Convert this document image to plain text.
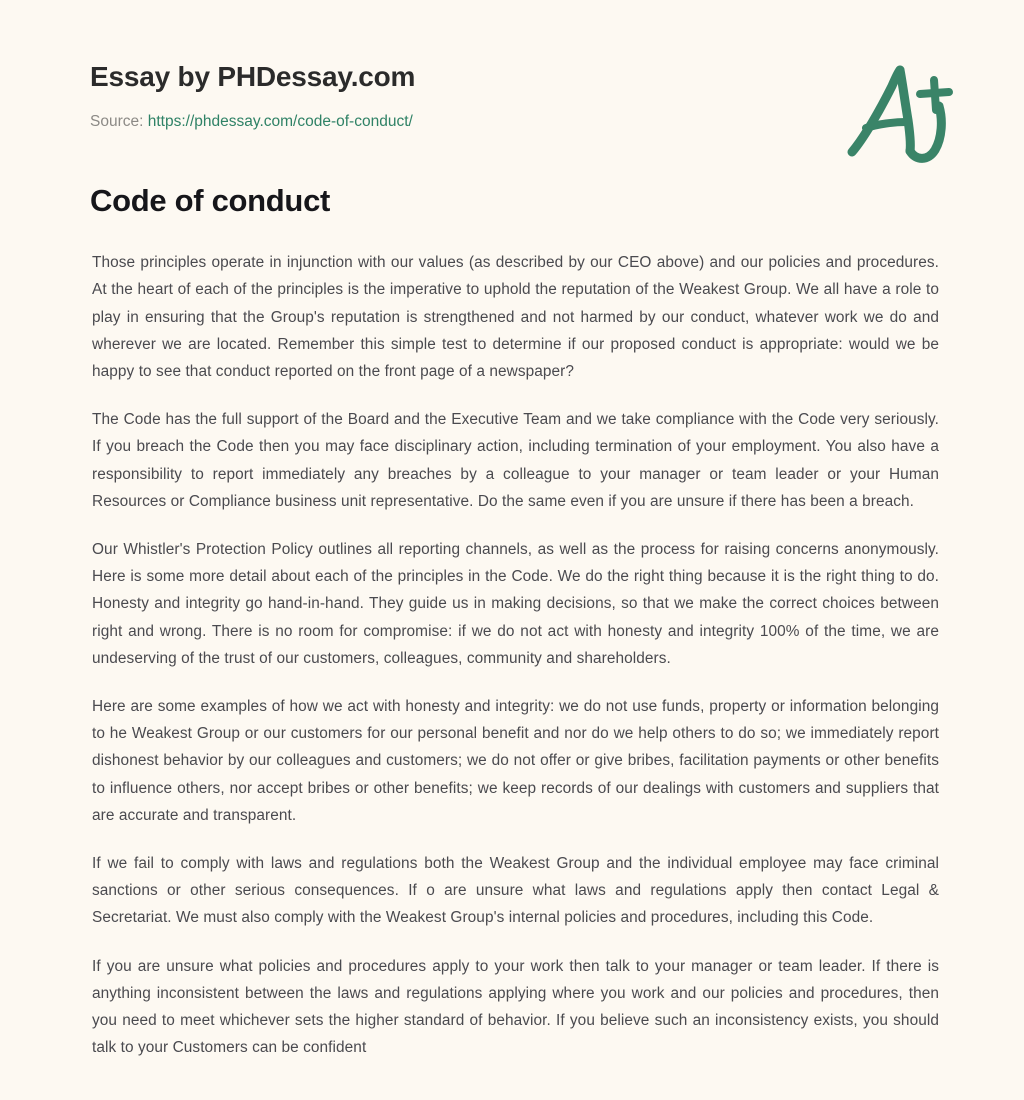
Essay by PHDessay.com
Source: https://phdessay.com/code-of-conduct/
Code of conduct

Those principles operate in injunction with our values (as described by our CEO above) and our policies and procedures. At the heart of each of the principles is the imperative to uphold the reputation of the Weakest Group. We all have a role to play in ensuring that the Group's reputation is strengthened and not harmed by our conduct, whatever work we do and wherever we are located. Remember this simple test to determine if our proposed conduct is appropriate: would we be happy to see that conduct reported on the front page of a newspaper?

The Code has the full support of the Board and the Executive Team and we take compliance with the Code very seriously. If you breach the Code then you may face disciplinary action, including termination of your employment. You also have a responsibility to report immediately any breaches by a colleague to your manager or team leader or your Human Resources or Compliance business unit representative. Do the same even if you are unsure if there has been a breach.

Our Whistler's Protection Policy outlines all reporting channels, as well as the process for raising concerns anonymously. Here is some more detail about each of the principles in the Code. We do the right thing because it is the right thing to do. Honesty and integrity go hand-in-hand. They guide us in making decisions, so that we make the correct choices between right and wrong. There is no room for compromise: if we do not act with honesty and integrity 100% of the time, we are undeserving of the trust of our customers, colleagues, community and shareholders.

Here are some examples of how we act with honesty and integrity: we do not use funds, property or information belonging to he Weakest Group or our customers for our personal benefit and nor do we help others to do so; we immediately report dishonest behavior by our colleagues and customers; we do not offer or give bribes, facilitation payments or other benefits to influence others, nor accept bribes or other benefits; we keep records of our dealings with customers and suppliers that are accurate and transparent.

If we fail to comply with laws and regulations both the Weakest Group and the individual employee may face criminal sanctions or other serious consequences. If o are unsure what laws and regulations apply then contact Legal & Secretariat. We must also comply with the Weakest Group's internal policies and procedures, including this Code.

If you are unsure what policies and procedures apply to your work then talk to your manager or team leader. If there is anything inconsistent between the laws and regulations applying where you work and our policies and procedures, then you need to meet whichever sets the higher standard of behavior. If you believe such an inconsistency exists, you should talk to your Customers can be confident
